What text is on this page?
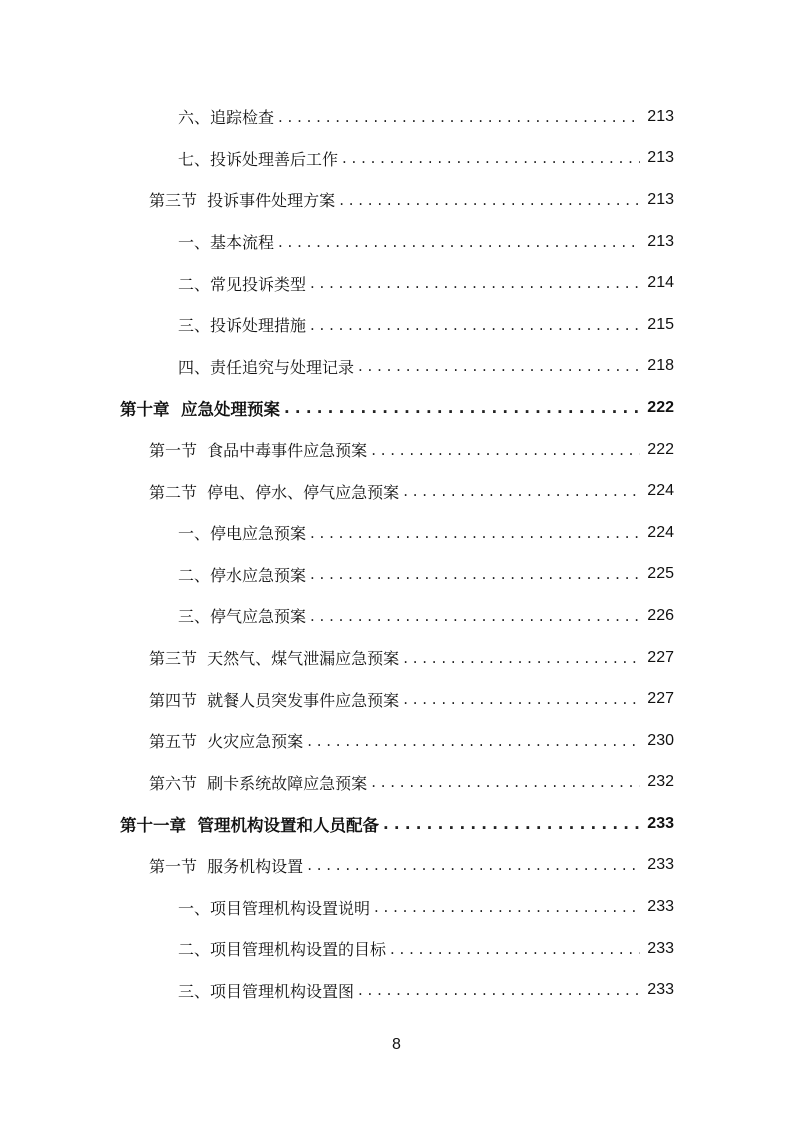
六、追踪检查 . . .	213
七、投诉处理善后工作 . . .	213
第三节  投诉事件处理方案 . . .	213
一、基本流程 . . .	213
二、常见投诉类型 . . .	214
三、投诉处理措施 . . .	215
四、责任追究与处理记录 . . .	218
第十章  应急处理预案 . . .	222
第一节  食品中毒事件应急预案 . . .	222
第二节  停电、停水、停气应急预案 . . .	224
一、停电应急预案 . . .	224
二、停水应急预案 . . .	225
三、停气应急预案 . . .	226
第三节  天然气、煤气泄漏应急预案 . . .	227
第四节  就餐人员突发事件应急预案 . . .	227
第五节  火灾应急预案 . . .	230
第六节  刷卡系统故障应急预案 . . .	232
第十一章  管理机构设置和人员配备 . . .	233
第一节  服务机构设置 . . .	233
一、项目管理机构设置说明 . . .	233
二、项目管理机构设置的目标 . . .	233
三、项目管理机构设置图 . . .	233
8
